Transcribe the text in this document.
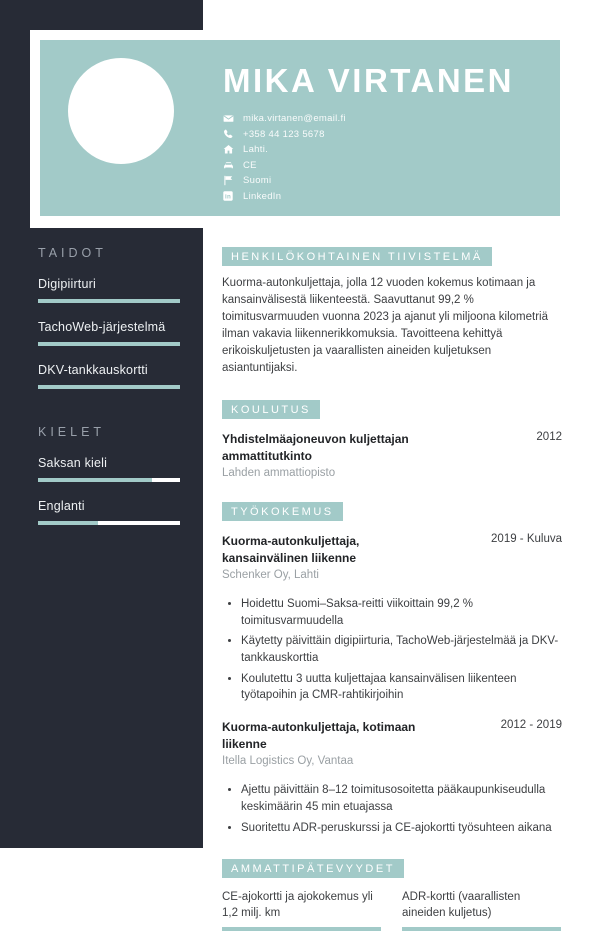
MIKA VIRTANEN
mika.virtanen@email.fi
+358 44 123 5678
Lahti.
CE
Suomi
in LinkedIn
TAIDOT
Digipiirturi
TachoWeb-järjestelmä
DKV-tankkauskortti
KIELET
Saksan kieli
Englanti
HENKILÖKOHTAINEN TIIVISTELMÄ
Kuorma-autonkuljettaja, jolla 12 vuoden kokemus kotimaan ja kansainvälisestä liikenteestä. Saavuttanut 99,2 % toimitusvarmuuden vuonna 2023 ja ajanut yli miljoona kilometriä ilman vakavia liikennerikkomuksia. Tavoitteena kehittyä erikoiskuljetusten ja vaarallisten aineiden kuljetuksen asiantuntijaksi.
KOULUTUS
Yhdistelmäajoneuvon kuljettajan ammattitutkinto
2012
Lahden ammattiopisto
TYÖKOKEMUS
Kuorma-autonkuljettaja, kansainvälinen liikenne
2019 - Kuluva
Schenker Oy, Lahti
• Hoidettu Suomi–Saksa-reitti viikoittain 99,2 % toimitusvarmuudella
• Käytetty päivittäin digipiirturia, TachoWeb-järjestelmää ja DKV-tankkauskorttia
• Koulutettu 3 uutta kuljettajaa kansainvälisen liikenteen työtapoihin ja CMR-rahtikirjoihin
Kuorma-autonkuljettaja, kotimaan liikenne
2012 - 2019
Itella Logistics Oy, Vantaa
• Ajettu päivittäin 8–12 toimitusosoitetta pääkaupunkiseudulla keskimäärin 45 min etuajassa
• Suoritettu ADR-peruskurssi ja CE-ajokortti työsuhteen aikana
AMMATTIPÄTEVYYDET
CE-ajokortti ja ajokokemus yli 1,2 milj. km
ADR-kortti (vaarallisten aineiden kuljetus)
